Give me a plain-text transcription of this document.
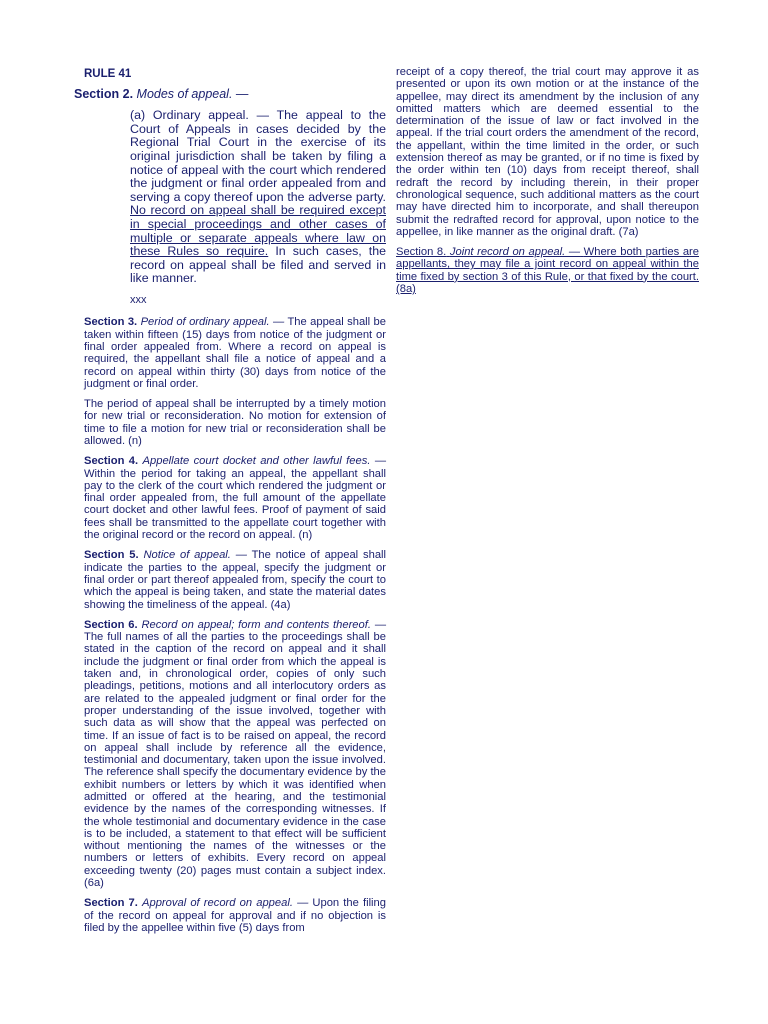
RULE 41

Section 2. Modes of appeal. —

(a) Ordinary appeal. — The appeal to the Court of Appeals in cases decided by the Regional Trial Court in the exercise of its original jurisdiction shall be taken by filing a notice of appeal with the court which rendered the judgment or final order appealed from and serving a copy thereof upon the adverse party. No record on appeal shall be required except in special proceedings and other cases of multiple or separate appeals where law on these Rules so require. In such cases, the record on appeal shall be filed and served in like manner.

xxx

Section 3. Period of ordinary appeal. — The appeal shall be taken within fifteen (15) days from notice of the judgment or final order appealed from. Where a record on appeal is required, the appellant shall file a notice of appeal and a record on appeal within thirty (30) days from notice of the judgment or final order.

The period of appeal shall be interrupted by a timely motion for new trial or reconsideration. No motion for extension of time to file a motion for new trial or reconsideration shall be allowed. (n)

Section 4. Appellate court docket and other lawful fees. — Within the period for taking an appeal, the appellant shall pay to the clerk of the court which rendered the judgment or final order appealed from, the full amount of the appellate court docket and other lawful fees. Proof of payment of said fees shall be transmitted to the appellate court together with the original record or the record on appeal. (n)

Section 5. Notice of appeal. — The notice of appeal shall indicate the parties to the appeal, specify the judgment or final order or part thereof appealed from, specify the court to which the appeal is being taken, and state the material dates showing the timeliness of the appeal. (4a)

Section 6. Record on appeal; form and contents thereof. — The full names of all the parties to the proceedings shall be stated in the caption of the record on appeal and it shall include the judgment or final order from which the appeal is taken and, in chronological order, copies of only such pleadings, petitions, motions and all interlocutory orders as are related to the appealed judgment or final order for the proper understanding of the issue involved, together with such data as will show that the appeal was perfected on time. If an issue of fact is to be raised on appeal, the record on appeal shall include by reference all the evidence, testimonial and documentary, taken upon the issue involved. The reference shall specify the documentary evidence by the exhibit numbers or letters by which it was identified when admitted or offered at the hearing, and the testimonial evidence by the names of the corresponding witnesses. If the whole testimonial and documentary evidence in the case is to be included, a statement to that effect will be sufficient without mentioning the names of the witnesses or the numbers or letters of exhibits. Every record on appeal exceeding twenty (20) pages must contain a subject index. (6a)

Section 7. Approval of record on appeal. — Upon the filing of the record on appeal for approval and if no objection is filed by the appellee within five (5) days from

receipt of a copy thereof, the trial court may approve it as presented or upon its own motion or at the instance of the appellee, may direct its amendment by the inclusion of any omitted matters which are deemed essential to the determination of the issue of law or fact involved in the appeal. If the trial court orders the amendment of the record, the appellant, within the time limited in the order, or such extension thereof as may be granted, or if no time is fixed by the order within ten (10) days from receipt thereof, shall redraft the record by including therein, in their proper chronological sequence, such additional matters as the court may have directed him to incorporate, and shall thereupon submit the redrafted record for approval, upon notice to the appellee, in like manner as the original draft. (7a)

Section 8. Joint record on appeal. — Where both parties are appellants, they may file a joint record on appeal within the time fixed by section 3 of this Rule, or that fixed by the court. (8a)
